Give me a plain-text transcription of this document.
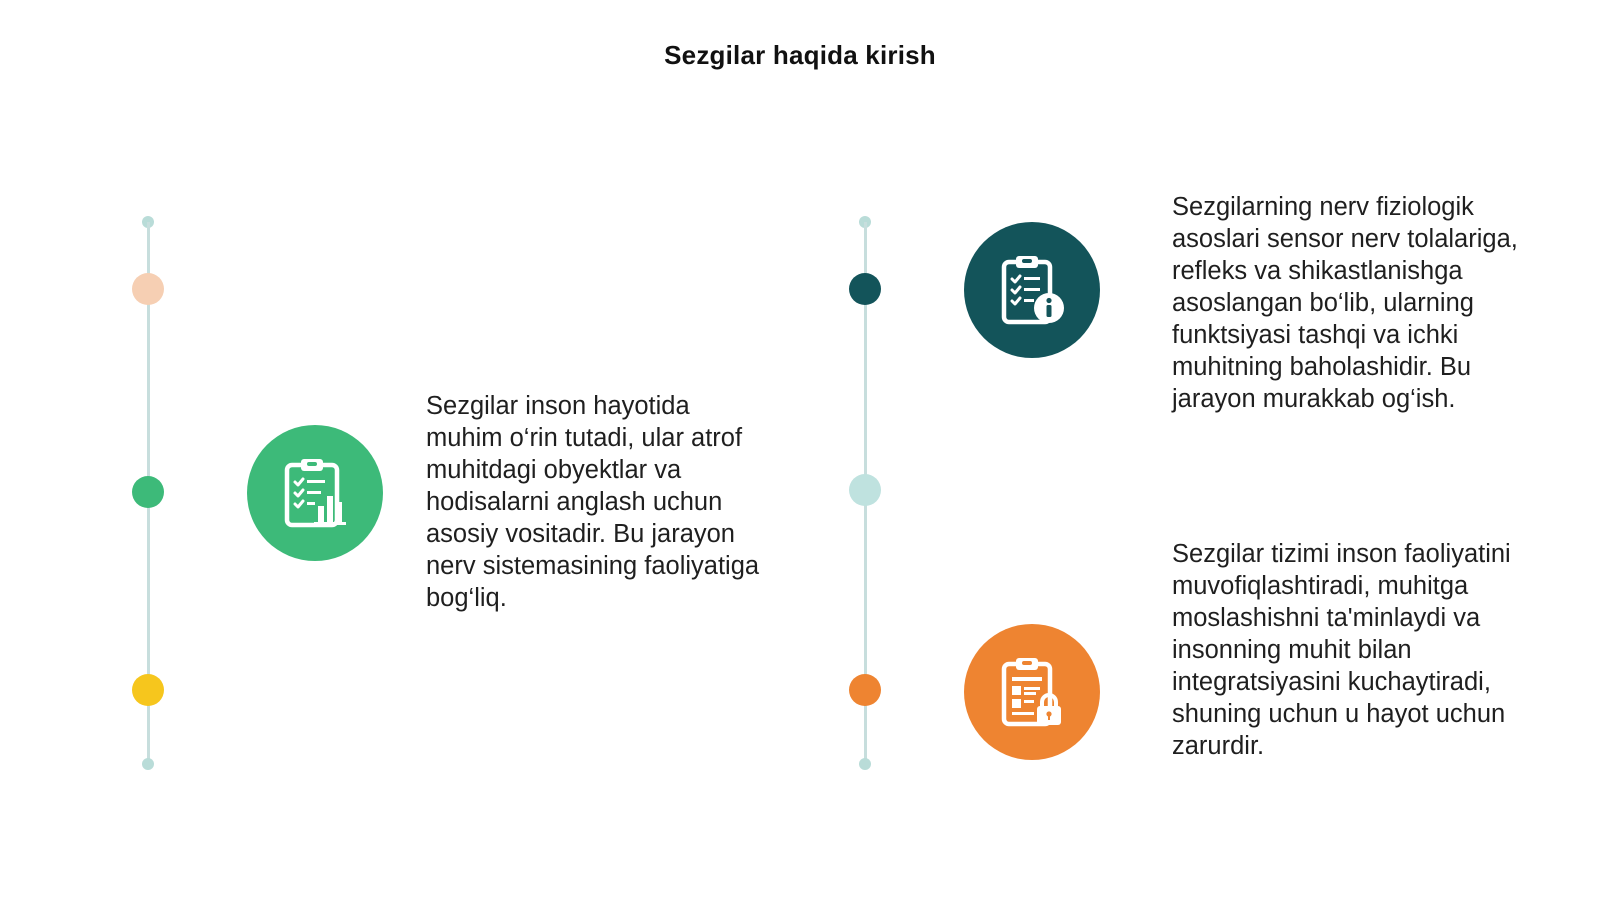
Sezgilar haqida kirish

Sezgilar inson hayotida muhim o‘rin tutadi, ular atrof muhitdagi obyektlar va hodisalarni anglash uchun asosiy vositadir. Bu jarayon nerv sistemasining faoliyatiga bog‘liq.

Sezgilarning nerv fiziologik asoslari sensor nerv tolalariga, refleks va shikastlanishga asoslangan bo‘lib, ularning funktsiyasi tashqi va ichki muhitning baholashidir. Bu jarayon murakkab og‘ish.

Sezgilar tizimi inson faoliyatini muvofiqlashtiradi, muhitga moslashishni ta'minlaydi va insonning muhit bilan integratsiyasini kuchaytiradi, shuning uchun u hayot uchun zarurdir.
